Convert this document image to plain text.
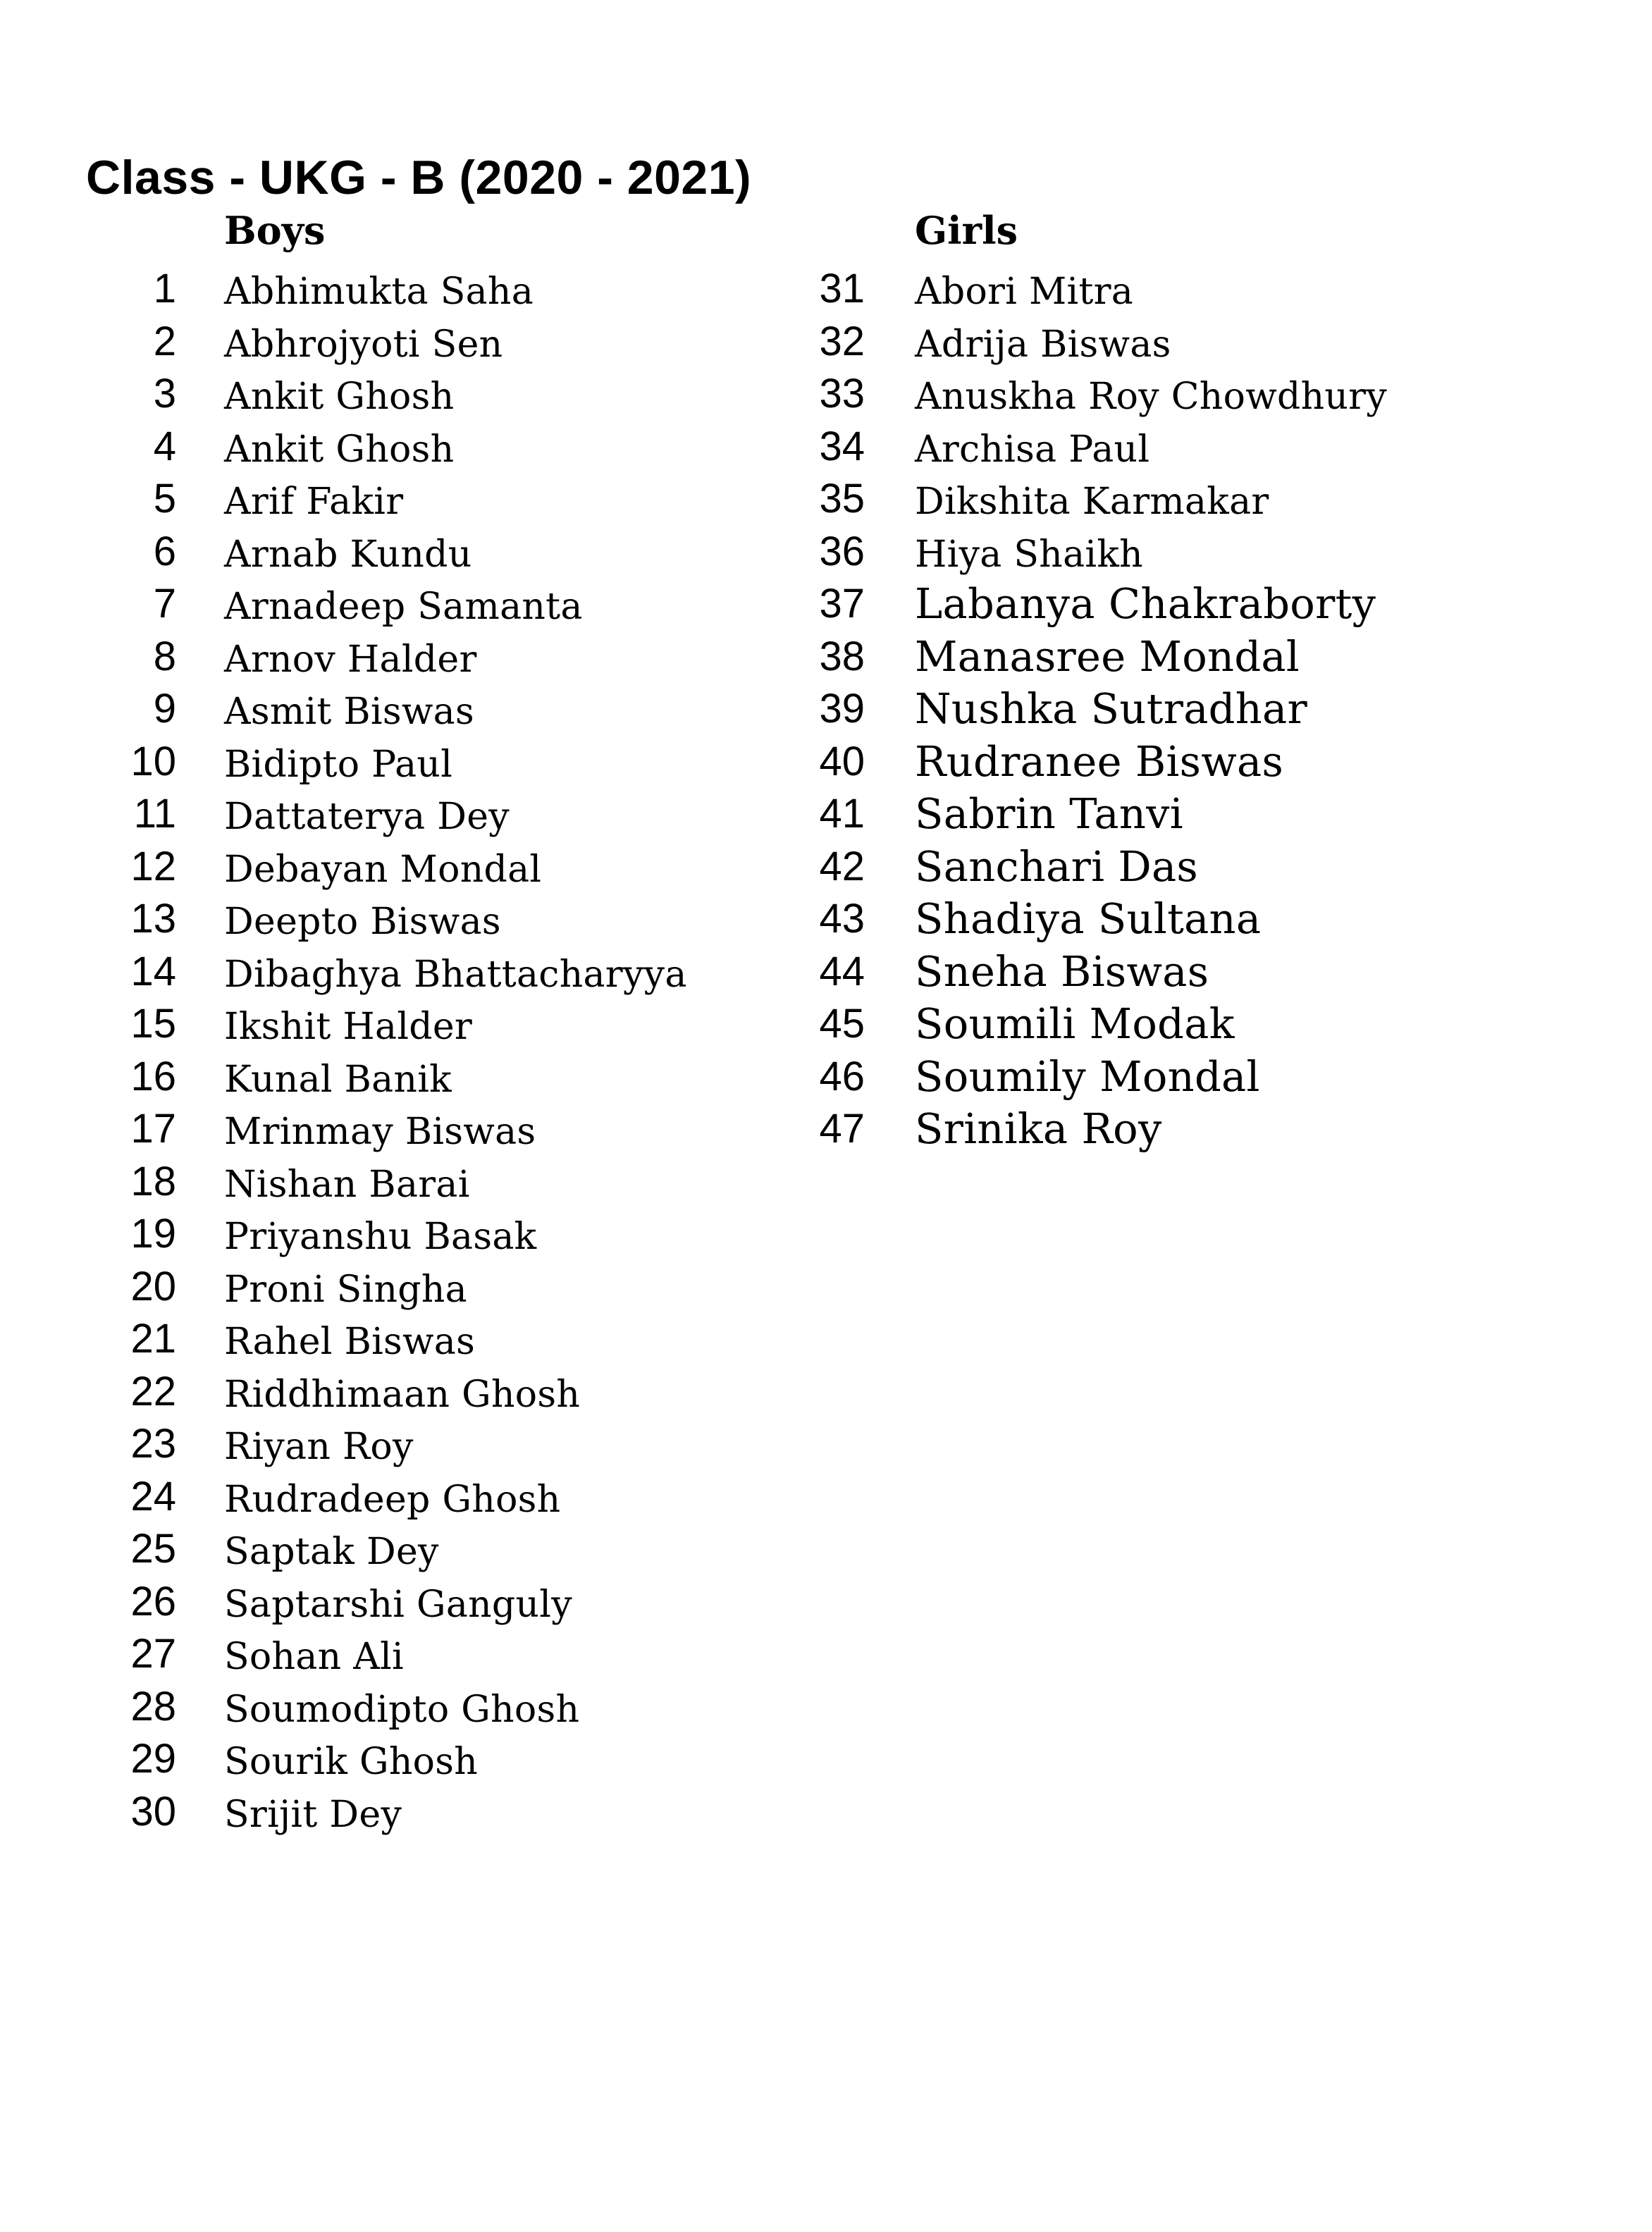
Class - UKG - B (2020 - 2021)
Boys	Girls
1 Abhimukta Saha
2 Abhrojyoti Sen
3 Ankit Ghosh
4 Ankit Ghosh
5 Arif Fakir
6 Arnab Kundu
7 Arnadeep Samanta
8 Arnov Halder
9 Asmit Biswas
10 Bidipto Paul
11 Dattaterya Dey
12 Debayan Mondal
13 Deepto Biswas
14 Dibaghya Bhattacharyya
15 Ikshit Halder
16 Kunal Banik
17 Mrinmay Biswas
18 Nishan Barai
19 Priyanshu Basak
20 Proni Singha
21 Rahel Biswas
22 Riddhimaan Ghosh
23 Riyan Roy
24 Rudradeep Ghosh
25 Saptak Dey
26 Saptarshi Ganguly
27 Sohan Ali
28 Soumodipto Ghosh
29 Sourik Ghosh
30 Srijit Dey
31 Abori Mitra
32 Adrija Biswas
33 Anuskha Roy Chowdhury
34 Archisa Paul
35 Dikshita Karmakar
36 Hiya Shaikh
37 Labanya Chakraborty
38 Manasree Mondal
39 Nushka Sutradhar
40 Rudranee Biswas
41 Sabrin Tanvi
42 Sanchari Das
43 Shadiya Sultana
44 Sneha Biswas
45 Soumili Modak
46 Soumily Mondal
47 Srinika Roy
